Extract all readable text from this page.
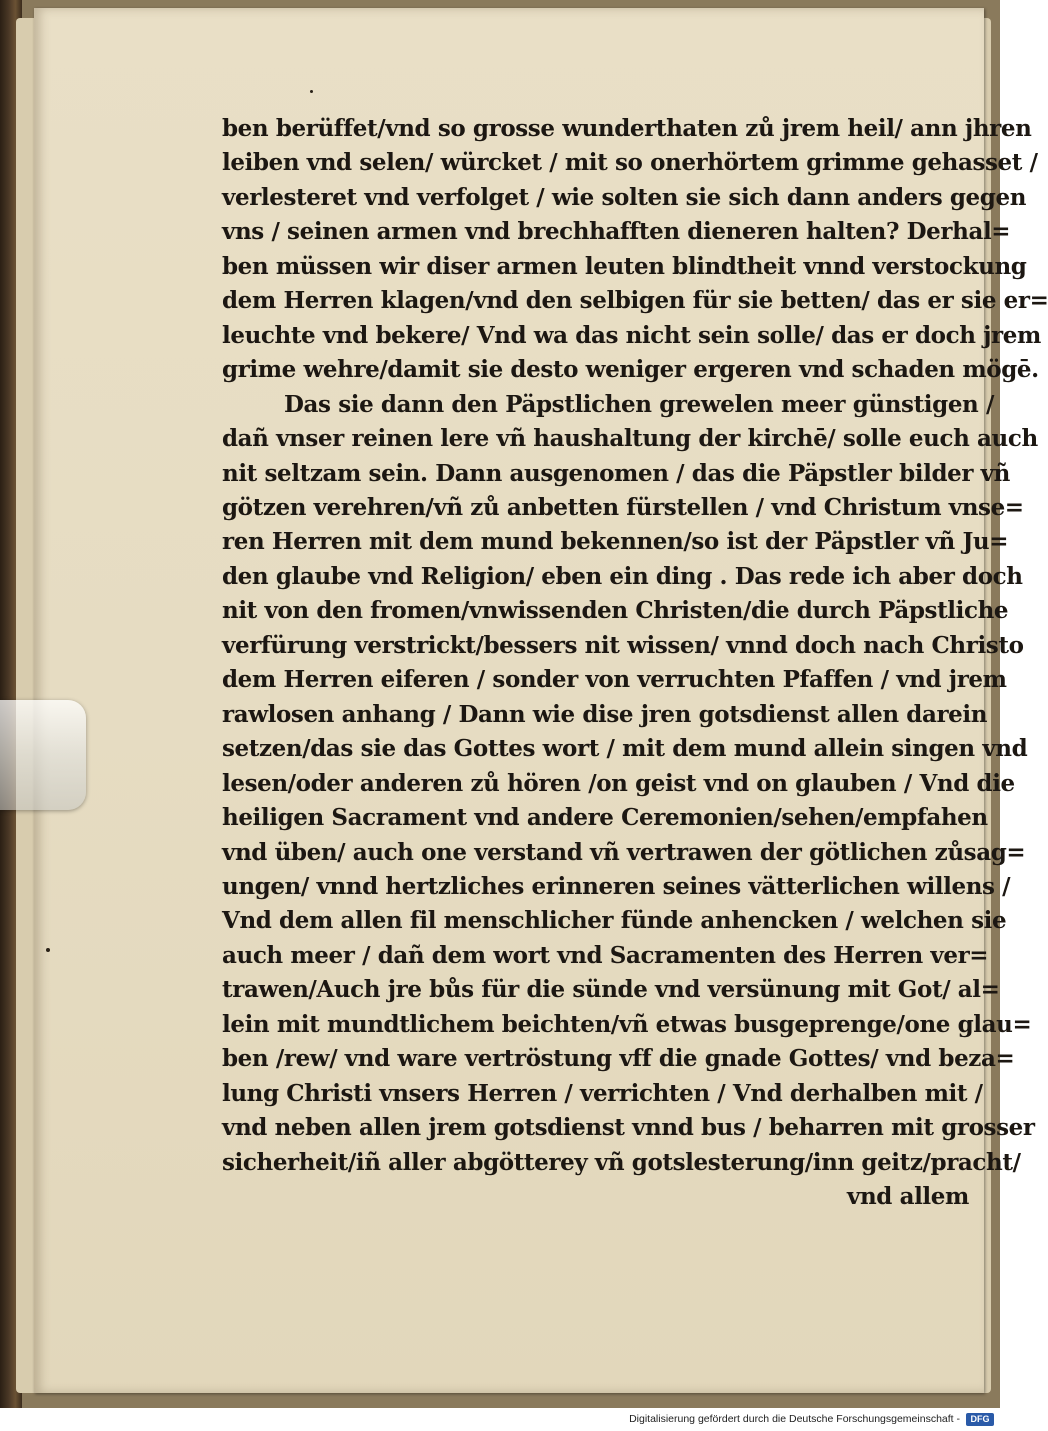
ben berüffet/vnd so grosse wunderthaten zů jrem heil/ ann jhren
leiben vnd selen/ würcket / mit so onerhörtem grimme gehasset /
verlesteret vnd verfolget / wie solten sie sich dann anders gegen
vns / seinen armen vnd brechhafften dieneren halten? Derhal=
ben müssen wir diser armen leuten blindtheit vnnd verstockung
dem Herren klagen/vnd den selbigen für sie betten/ das er sie er=
leuchte vnd bekere/ Vnd wa das nicht sein solle/ das er doch jrem
grime wehre/damit sie desto weniger ergeren vnd schaden mögē.
Das sie dann den Päpstlichen grewelen meer günstigen /
dañ vnser reinen lere vñ haushaltung der kirchē/ solle euch auch
nit seltzam sein. Dann ausgenomen / das die Päpstler bilder vñ
götzen verehren/vñ zů anbetten fürstellen / vnd Christum vnse=
ren Herren mit dem mund bekennen/so ist der Päpstler vñ Ju=
den glaube vnd Religion/ eben ein ding . Das rede ich aber doch
nit von den fromen/vnwissenden Christen/die durch Päpstliche
verfürung verstrickt/bessers nit wissen/ vnnd doch nach Christo
dem Herren eiferen / sonder von verruchten Pfaffen / vnd jrem
rawlosen anhang / Dann wie dise jren gotsdienst allen darein
setzen/das sie das Gottes wort / mit dem mund allein singen vnd
lesen/oder anderen zů hören /on geist vnd on glauben / Vnd die
heiligen Sacrament vnd andere Ceremonien/sehen/empfahen
vnd üben/ auch one verstand vñ vertrawen der götlichen zůsag=
ungen/ vnnd hertzliches erinneren seines vätterlichen willens /
Vnd dem allen fil menschlicher fünde anhencken / welchen sie
auch meer / dañ dem wort vnd Sacramenten des Herren ver=
trawen/Auch jre bůs für die sünde vnd versünung mit Got/ al=
lein mit mundtlichem beichten/vñ etwas busgeprenge/one glau=
ben /rew/ vnd ware vertröstung vff die gnade Gottes/ vnd beza=
lung Christi vnsers Herren / verrichten / Vnd derhalben mit /
vnd neben allen jrem gotsdienst vnnd bus / beharren mit grosser
sicherheit/iñ aller abgötterey vñ gotslesterung/inn geitz/pracht/
vnd allem
Digitalisierung gefördert durch die Deutsche Forschungsgemeinschaft -	DFG
